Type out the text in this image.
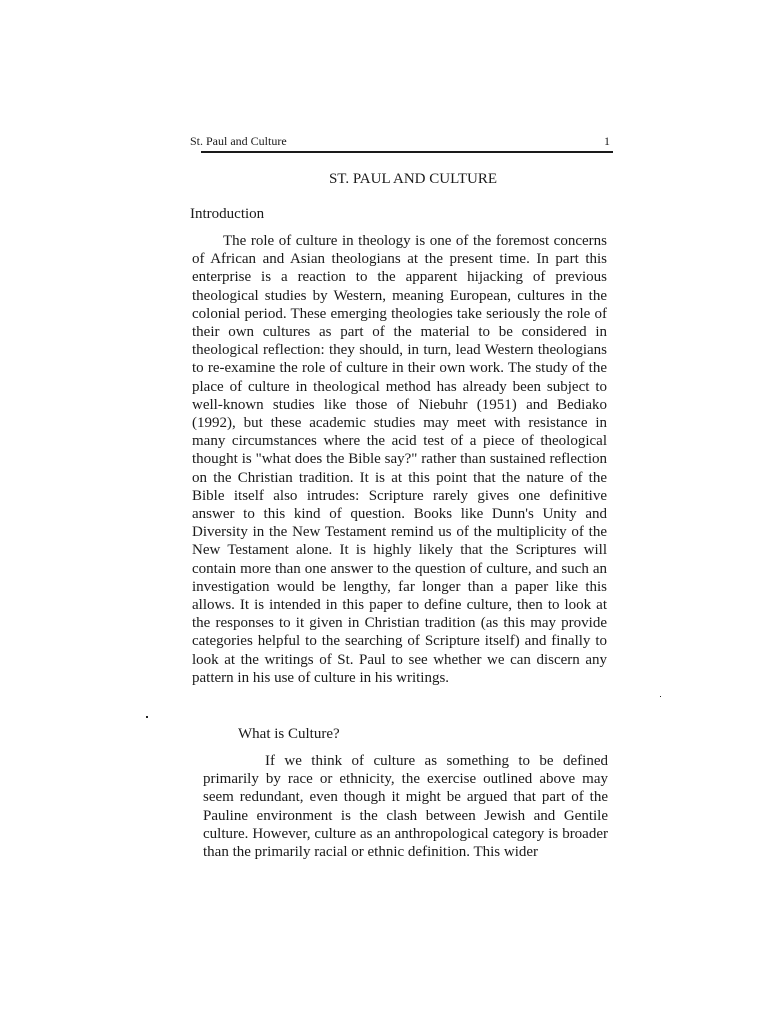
St. Paul and Culture	1
ST. PAUL AND CULTURE
Introduction

The role of culture in theology is one of the foremost concerns of African and Asian theologians at the present time. In part this enterprise is a reaction to the apparent hijacking of previous theological studies by Western, meaning European, cultures in the colonial period. These emerging theologies take seriously the role of their own cultures as part of the material to be considered in theological reflection: they should, in turn, lead Western theologians to re-examine the role of culture in their own work. The study of the place of culture in theological method has already been subject to well-known studies like those of Niebuhr (1951) and Bediako (1992), but these academic studies may meet with resistance in many circumstances where the acid test of a piece of theological thought is "what does the Bible say?" rather than sustained reflection on the Christian tradition. It is at this point that the nature of the Bible itself also intrudes: Scripture rarely gives one definitive answer to this kind of question. Books like Dunn's Unity and Diversity in the New Testament remind us of the multiplicity of the New Testament alone. It is highly likely that the Scriptures will contain more than one answer to the question of culture, and such an investigation would be lengthy, far longer than a paper like this allows. It is intended in this paper to define culture, then to look at the responses to it given in Christian tradition (as this may provide categories helpful to the searching of Scripture itself) and finally to look at the writings of St. Paul to see whether we can discern any pattern in his use of culture in his writings.

What is Culture?

If we think of culture as something to be defined primarily by race or ethnicity, the exercise outlined above may seem redundant, even though it might be argued that part of the Pauline environment is the clash between Jewish and Gentile culture. However, culture as an anthropological category is broader than the primarily racial or ethnic definition. This wider
